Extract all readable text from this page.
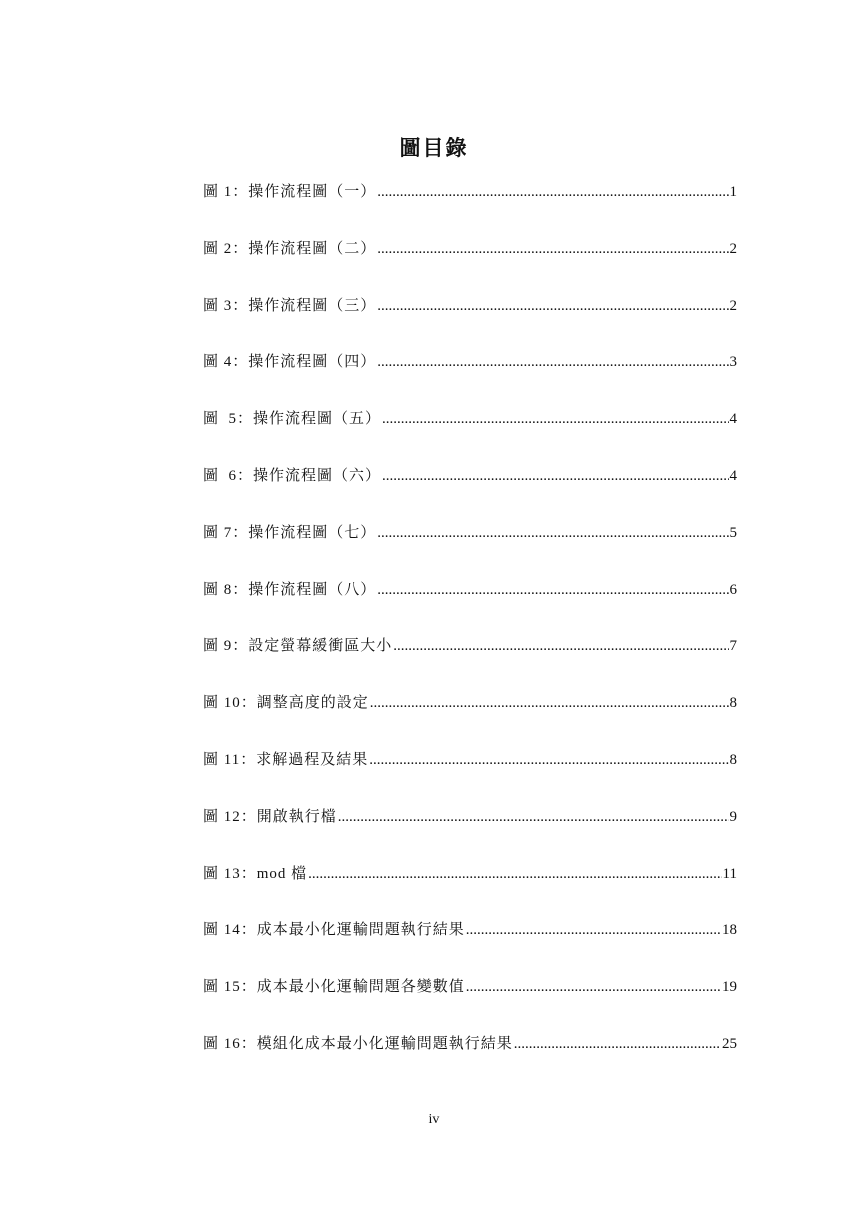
圖目錄
圖 1：操作流程圖（一） .....	1
圖 2：操作流程圖（二） .....	2
圖 3：操作流程圖（三） .....	2
圖 4：操作流程圖（四） .....	3
圖  5：操作流程圖（五） .....	4
圖  6：操作流程圖（六） .....	4
圖 7：操作流程圖（七） .....	5
圖 8：操作流程圖（八） .....	6
圖 9：設定螢幕緩衝區大小 .....	7
圖 10：調整高度的設定 .....	8
圖 11：求解過程及結果 .....	8
圖 12：開啟執行檔 .....	9
圖 13：mod 檔 .....	11
圖 14：成本最小化運輸問題執行結果 .....	18
圖 15：成本最小化運輸問題各變數值 .....	19
圖 16：模組化成本最小化運輸問題執行結果 .....	25
iv
